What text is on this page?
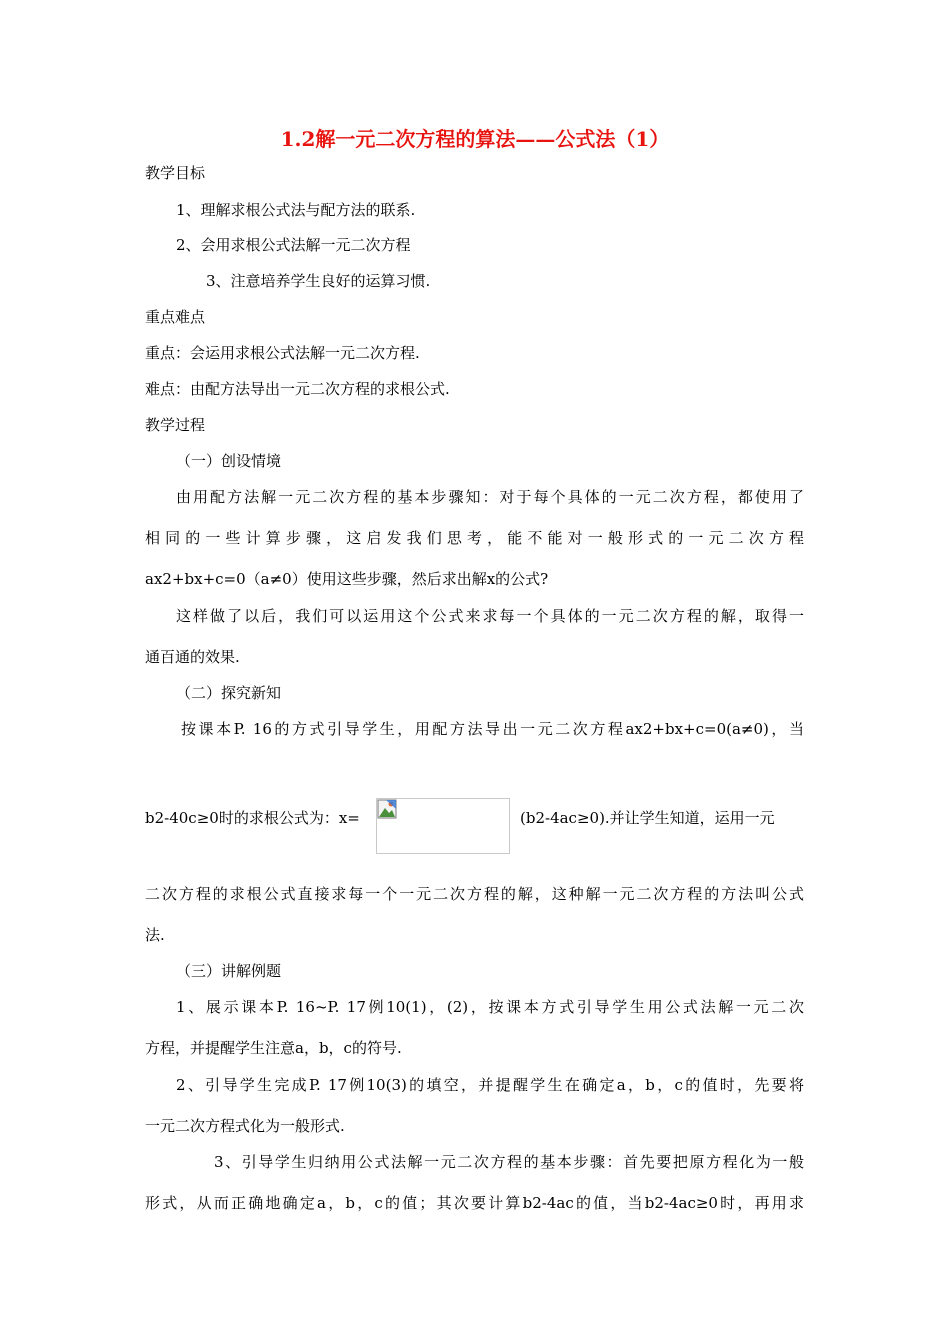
1.2解一元二次方程的算法——公式法（1）
教学目标
1、理解求根公式法与配方法的联系.
2、会用求根公式法解一元二次方程
3、注意培养学生良好的运算习惯.
重点难点
重点：会运用求根公式法解一元二次方程.
难点：由配方法导出一元二次方程的求根公式.
教学过程
（一）创设情境
由用配方法解一元二次方程的基本步骤知：对于每个具体的一元二次方程，都使用了
相同的一些计算步骤，这启发我们思考，能不能对一般形式的一元二次方程
ax2+bx+c=0（a≠0）使用这些步骤，然后求出解x的公式?
这样做了以后，我们可以运用这个公式来求每一个具体的一元二次方程的解，取得一
通百通的效果.
（二）探究新知
按课本P. 16的方式引导学生，用配方法导出一元二次方程ax2+bx+c=0(a≠0)，当
b2-40c≥0时的求根公式为：x=	(b2-4ac≥0).并让学生知道，运用一元
二次方程的求根公式直接求每一个一元二次方程的解，这种解一元二次方程的方法叫公式
法.
（三）讲解例题
1、展示课本P. 16~P. 17例10(1)，(2)，按课本方式引导学生用公式法解一元二次
方程，并提醒学生注意a，b，c的符号.
2、引导学生完成P. 17例10(3)的填空，并提醒学生在确定a，b，c的值时，先要将
一元二次方程式化为一般形式.
3、引导学生归纳用公式法解一元二次方程的基本步骤：首先要把原方程化为一般
形式，从而正确地确定a，b，c的值；其次要计算b2-4ac的值，当b2-4ac≥0时，再用求
